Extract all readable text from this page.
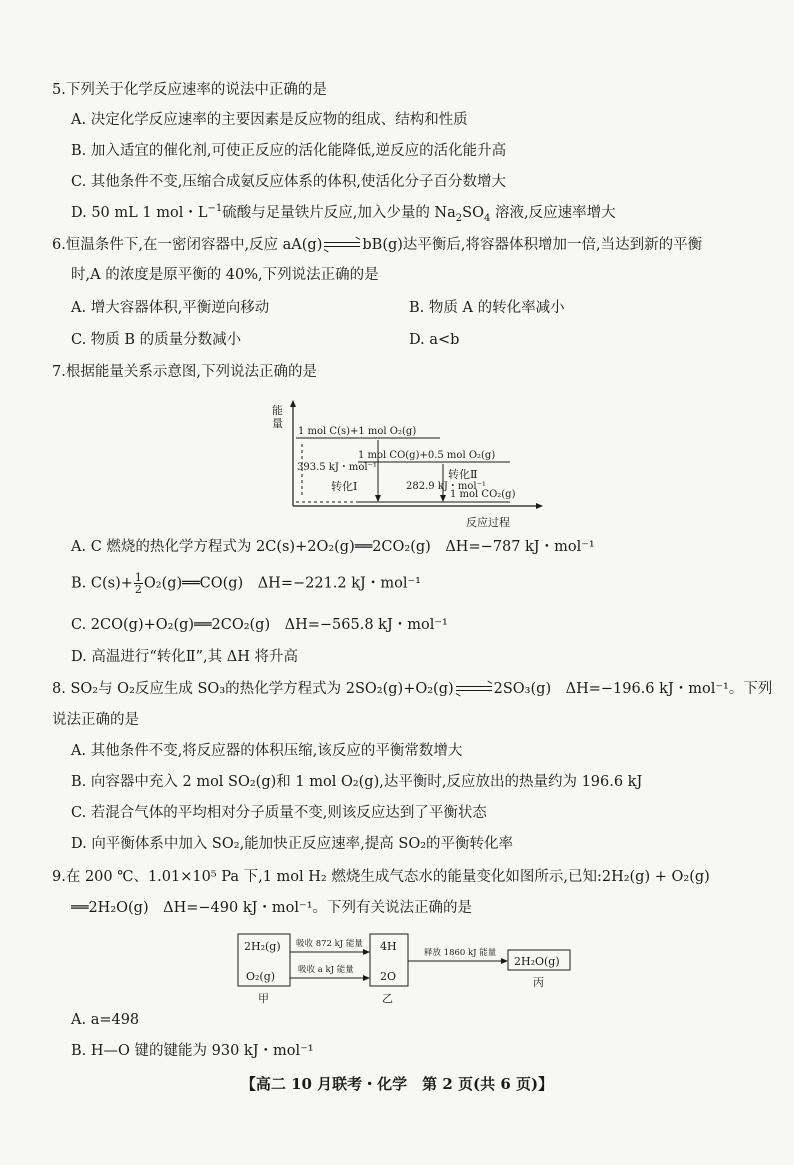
5.下列关于化学反应速率的说法中正确的是
A. 决定化学反应速率的主要因素是反应物的组成、结构和性质
B. 加入适宜的催化剂,可使正反应的活化能降低,逆反应的活化能升高
C. 其他条件不变,压缩合成氨反应体系的体积,使活化分子百分数增大
D. 50 mL 1 mol・$L^{-1}$硫酸与足量铁片反应,加入少量的 $Na_2SO_4$ 溶液,反应速率增大
6.恒温条件下,在一密闭容器中,反应 aA(g)	bB(g)达平衡后,将容器体积增加一倍,当达到新的平衡
时,A 的浓度是原平衡的 40%,下列说法正确的是
A. 增大容器体积,平衡逆向移动	B. 物质 A 的转化率减小
C. 物质 B 的质量分数减小	D. a<b
7.根据能量关系示意图,下列说法正确的是
能
量
反应过程
1 mol C(s)+1 mol O₂(g)
1 mol CO(g)+0.5 mol O₂(g)
1 mol CO₂(g)
393.5 kJ・mol⁻¹
转化Ⅰ
转化Ⅱ
282.9 kJ・mol⁻¹
A. C 燃烧的热化学方程式为 2C(s)+2O₂(g)══2CO₂(g)　ΔH=−787 kJ・mol⁻¹
B. $C(s)+ \frac{1}{2}$ O₂(g)══CO(g)　ΔH=−221.2 kJ・mol⁻¹
C. 2CO(g)+O₂(g)══2CO₂(g)　ΔH=−565.8 kJ・mol⁻¹
D. 高温进行“转化Ⅱ”,其 ΔH 将升高
8. SO₂与 O₂反应生成 SO₃的热化学方程式为 2SO₂(g)+O₂(g)	2SO₃(g)　ΔH=−196.6 kJ・mol⁻¹。下列
说法正确的是
A. 其他条件不变,将反应器的体积压缩,该反应的平衡常数增大
B. 向容器中充入 2 mol SO₂(g)和 1 mol O₂(g),达平衡时,反应放出的热量约为 196.6 kJ
C. 若混合气体的平均相对分子质量不变,则该反应达到了平衡状态
D. 向平衡体系中加入 SO₂,能加快正反应速率,提高 SO₂的平衡转化率
9.在 200 ℃、1.01×10⁵ Pa 下,1 mol H₂ 燃烧生成气态水的能量变化如图所示,已知:2H₂(g) + O₂(g)
══2H₂O(g)　ΔH=−490 kJ・mol⁻¹。下列有关说法正确的是
2H₂(g)
O₂(g)
甲
吸收 872 kJ 能量
吸收 a kJ 能量
4H
2O
乙
释放 1860 kJ 能量
2H₂O(g)
丙
A. a=498
B. H—O 键的键能为 930 kJ・mol⁻¹
【高二 10 月联考・化学　第 2 页(共 6 页)】
